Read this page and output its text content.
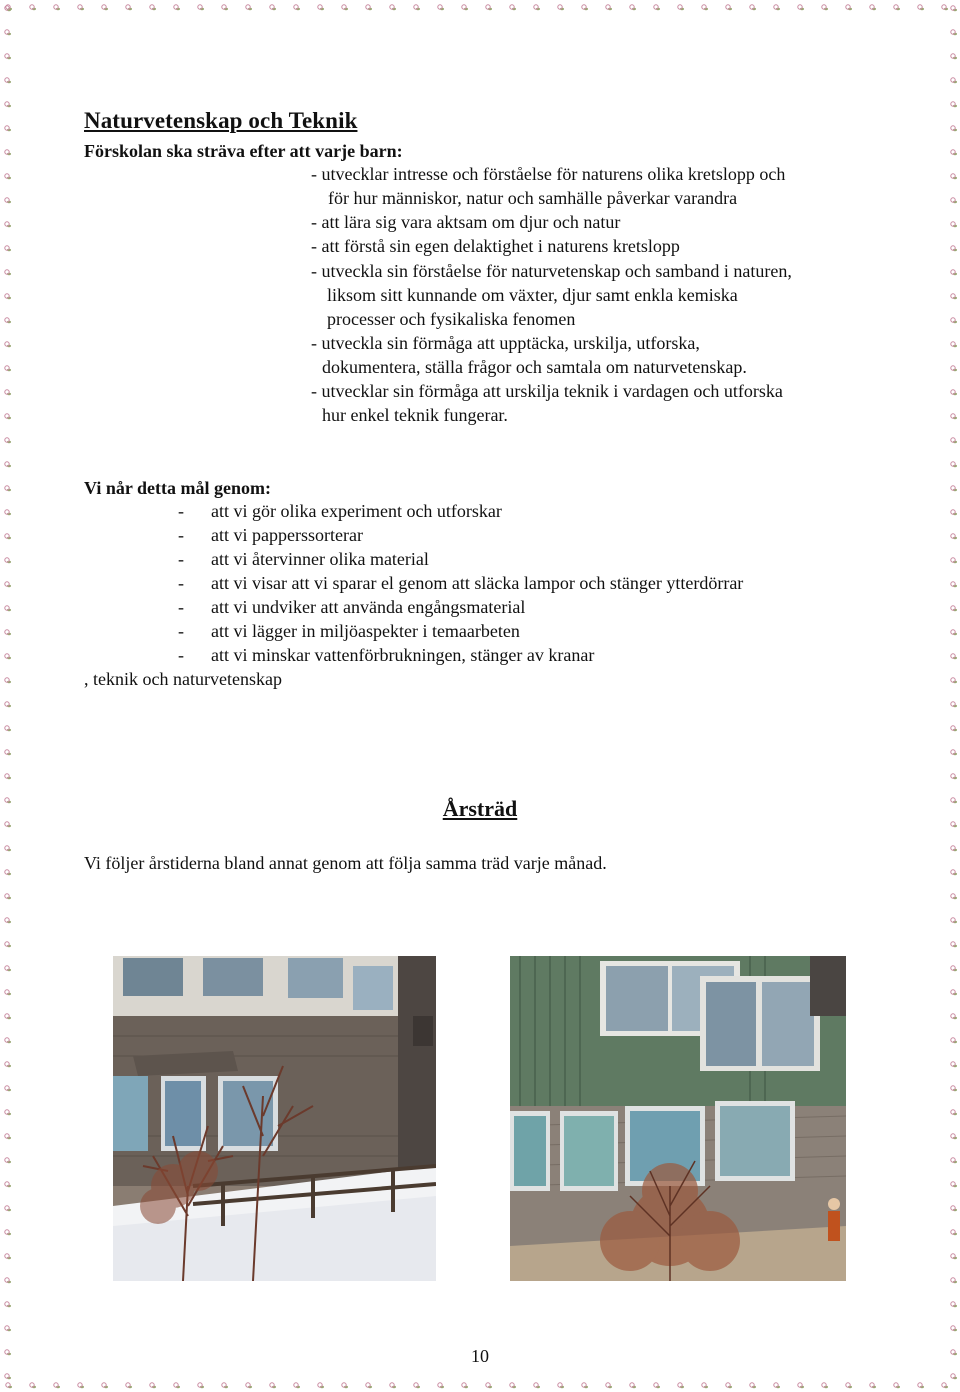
Naturvetenskap och Teknik
Förskolan ska sträva efter att varje barn:
- utvecklar intresse och förståelse för naturens olika kretslopp och
för hur människor, natur och samhälle påverkar varandra
- att lära sig vara aktsam om djur och natur
- att förstå sin egen delaktighet i naturens kretslopp
- utveckla sin förståelse för naturvetenskap och samband i naturen,
liksom sitt kunnande om växter, djur samt enkla kemiska
processer och fysikaliska fenomen
- utveckla sin förmåga att upptäcka, urskilja, utforska,
dokumentera, ställa frågor och samtala om naturvetenskap.
- utvecklar sin förmåga att urskilja teknik i vardagen och utforska
hur enkel teknik fungerar.
Vi når detta mål genom:
- att vi gör olika experiment och utforskar
- att vi papperssorterar
- att vi återvinner olika material
- att vi visar att vi sparar el genom att släcka lampor och stänger ytterdörrar
- att vi undviker att använda engångsmaterial
- att vi lägger in miljöaspekter i temaarbeten
- att vi minskar vattenförbrukningen, stänger av kranar
, teknik och naturvetenskap
Årsträd
Vi följer årstiderna bland annat genom att följa samma träd varje månad.
10
